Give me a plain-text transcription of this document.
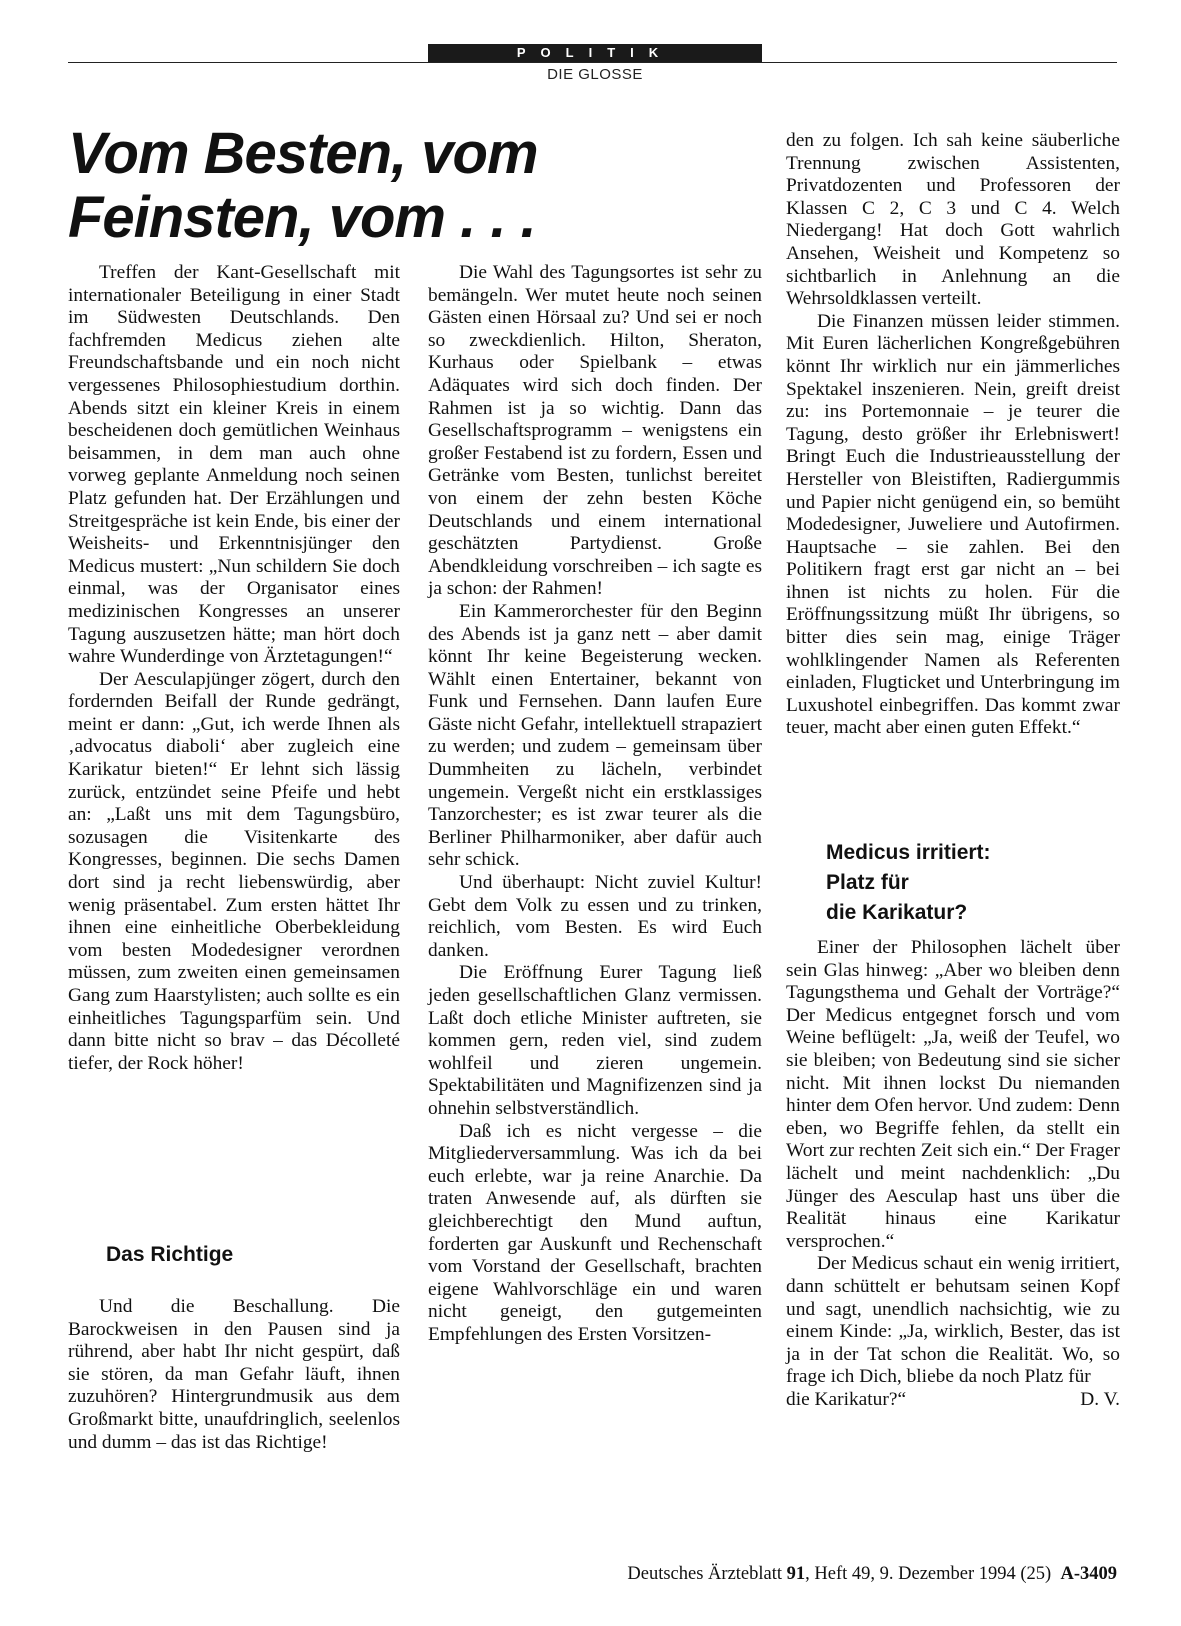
POLITIK
DIE GLOSSE
Vom Besten, vom
Feinsten, vom . . .

Treffen der Kant-Gesellschaft mit internationaler Beteiligung in einer Stadt im Südwesten Deutschlands. Den fachfremden Medicus ziehen alte Freundschaftsbande und ein noch nicht vergessenes Philosophiestudium dorthin. Abends sitzt ein kleiner Kreis in einem bescheidenen doch gemütlichen Weinhaus beisammen, in dem man auch ohne vorweg geplante Anmeldung noch seinen Platz gefunden hat. Der Erzählungen und Streitgespräche ist kein Ende, bis einer der Weisheits- und Erkenntnisjünger den Medicus mustert: „Nun schildern Sie doch einmal, was der Organisator eines medizinischen Kongresses an unserer Tagung auszusetzen hätte; man hört doch wahre Wunderdinge von Ärztetagungen!“

Der Aesculapjünger zögert, durch den fordernden Beifall der Runde gedrängt, meint er dann: „Gut, ich werde Ihnen als ‚advocatus diaboli‘ aber zugleich eine Karikatur bieten!“ Er lehnt sich lässig zurück, entzündet seine Pfeife und hebt an: „Laßt uns mit dem Tagungsbüro, sozusagen die Visitenkarte des Kongresses, beginnen. Die sechs Damen dort sind ja recht liebenswürdig, aber wenig präsentabel. Zum ersten hättet Ihr ihnen eine einheitliche Oberbekleidung vom besten Modedesigner verordnen müssen, zum zweiten einen gemeinsamen Gang zum Haarstylisten; auch sollte es ein einheitliches Tagungsparfüm sein. Und dann bitte nicht so brav – das Décolleté tiefer, der Rock höher!

Das Richtige

Und die Beschallung. Die Barockweisen in den Pausen sind ja rührend, aber habt Ihr nicht gespürt, daß sie stören, da man Gefahr läuft, ihnen zuzuhören? Hintergrundmusik aus dem Großmarkt bitte, unaufdringlich, seelenlos und dumm – das ist das Richtige!

Die Wahl des Tagungsortes ist sehr zu bemängeln. Wer mutet heute noch seinen Gästen einen Hörsaal zu? Und sei er noch so zweckdienlich. Hilton, Sheraton, Kurhaus oder Spielbank – etwas Adäquates wird sich doch finden. Der Rahmen ist ja so wichtig. Dann das Gesellschaftsprogramm – wenigstens ein großer Festabend ist zu fordern, Essen und Getränke vom Besten, tunlichst bereitet von einem der zehn besten Köche Deutschlands und einem international geschätzten Partydienst. Große Abendkleidung vorschreiben – ich sagte es ja schon: der Rahmen!

Ein Kammerorchester für den Beginn des Abends ist ja ganz nett – aber damit könnt Ihr keine Begeisterung wecken. Wählt einen Entertainer, bekannt von Funk und Fernsehen. Dann laufen Eure Gäste nicht Gefahr, intellektuell strapaziert zu werden; und zudem – gemeinsam über Dummheiten zu lächeln, verbindet ungemein. Vergeßt nicht ein erstklassiges Tanzorchester; es ist zwar teurer als die Berliner Philharmoniker, aber dafür auch sehr schick.

Und überhaupt: Nicht zuviel Kultur! Gebt dem Volk zu essen und zu trinken, reichlich, vom Besten. Es wird Euch danken.

Die Eröffnung Eurer Tagung ließ jeden gesellschaftlichen Glanz vermissen. Laßt doch etliche Minister auftreten, sie kommen gern, reden viel, sind zudem wohlfeil und zieren ungemein. Spektabilitäten und Magnifizenzen sind ja ohnehin selbstverständlich.

Daß ich es nicht vergesse – die Mitgliederversammlung. Was ich da bei euch erlebte, war ja reine Anarchie. Da traten Anwesende auf, als dürften sie gleichberechtigt den Mund auftun, forderten gar Auskunft und Rechenschaft vom Vorstand der Gesellschaft, brachten eigene Wahlvorschläge ein und waren nicht geneigt, den gutgemeinten Empfehlungen des Ersten Vorsitzen-

den zu folgen. Ich sah keine säuberliche Trennung zwischen Assistenten, Privatdozenten und Professoren der Klassen C 2, C 3 und C 4. Welch Niedergang! Hat doch Gott wahrlich Ansehen, Weisheit und Kompetenz so sichtbarlich in Anlehnung an die Wehrsoldklassen verteilt.

Die Finanzen müssen leider stimmen. Mit Euren lächerlichen Kongreßgebühren könnt Ihr wirklich nur ein jämmerliches Spektakel inszenieren. Nein, greift dreist zu: ins Portemonnaie – je teurer die Tagung, desto größer ihr Erlebniswert! Bringt Euch die Industrieausstellung der Hersteller von Bleistiften, Radiergummis und Papier nicht genügend ein, so bemüht Modedesigner, Juweliere und Autofirmen. Hauptsache – sie zahlen. Bei den Politikern fragt erst gar nicht an – bei ihnen ist nichts zu holen. Für die Eröffnungssitzung müßt Ihr übrigens, so bitter dies sein mag, einige Träger wohlklingender Namen als Referenten einladen, Flugticket und Unterbringung im Luxushotel einbegriffen. Das kommt zwar teuer, macht aber einen guten Effekt.“

Medicus irritiert:
Platz für
die Karikatur?

Einer der Philosophen lächelt über sein Glas hinweg: „Aber wo bleiben denn Tagungsthema und Gehalt der Vorträge?“ Der Medicus entgegnet forsch und vom Weine beflügelt: „Ja, weiß der Teufel, wo sie bleiben; von Bedeutung sind sie sicher nicht. Mit ihnen lockst Du niemanden hinter dem Ofen hervor. Und zudem: Denn eben, wo Begriffe fehlen, da stellt ein Wort zur rechten Zeit sich ein.“ Der Frager lächelt und meint nachdenklich: „Du Jünger des Aesculap hast uns über die Realität hinaus eine Karikatur versprochen.“

Der Medicus schaut ein wenig irritiert, dann schüttelt er behutsam seinen Kopf und sagt, unendlich nachsichtig, wie zu einem Kinde: „Ja, wirklich, Bester, das ist ja in der Tat schon die Realität. Wo, so frage ich Dich, bliebe da noch Platz für

die Karikatur?“	D. V.
Deutsches Ärzteblatt 91, Heft 49, 9. Dezember 1994 (25) A-3409
